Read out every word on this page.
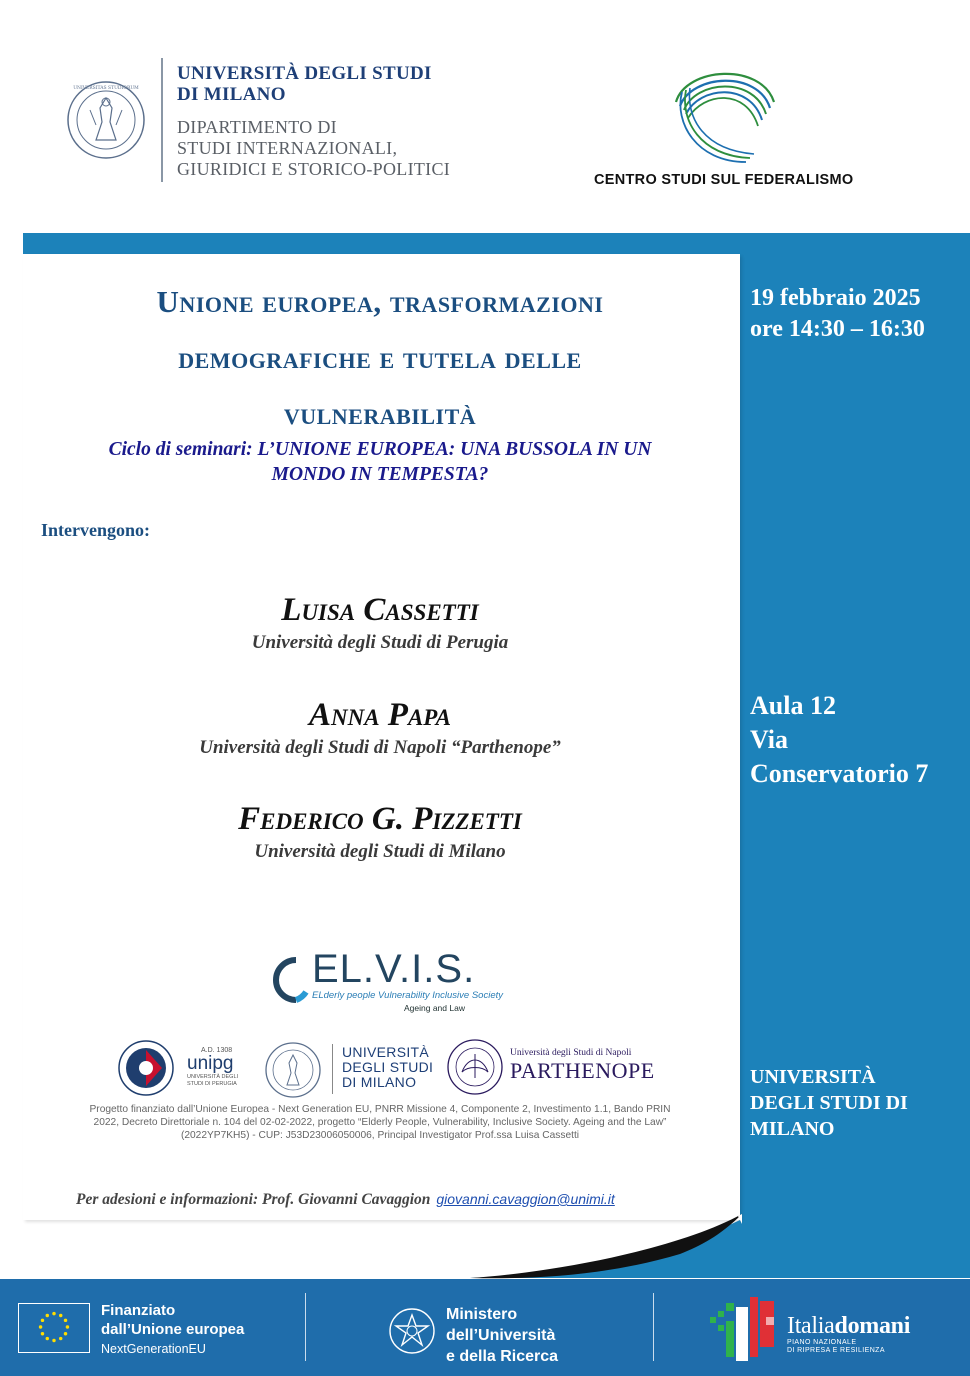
UNIVERSITAS STUDIORUM
UNIVERSITÀ DEGLI STUDI
DI MILANO
DIPARTIMENTO DI
STUDI INTERNAZIONALI,
GIURIDICI E STORICO-POLITICI
CENTRO STUDI SUL FEDERALISMO
19 febbraio 2025
ore 14:30 – 16:30
Aula 12
Via
Conservatorio 7
UNIVERSITÀ
DEGLI STUDI DI
MILANO
Unione europea, trasformazioni
demografiche e tutela delle
vulnerabilità
Ciclo di seminari: L’UNIONE EUROPEA: UNA BUSSOLA IN UN
MONDO IN TEMPESTA?
Intervengono:
Luisa Cassetti
Università degli Studi di Perugia
Anna Papa
Università degli Studi di Napoli “Parthenope”
Federico G. Pizzetti
Università degli Studi di Milano
EL.V.I.S.
ELderly people Vulnerability Inclusive Society
Ageing and Law
A.D. 1308
unipg
UNIVERSITÀ DEGLI STUDI DI PERUGIA
UNIVERSITÀ
DEGLI STUDI
DI MILANO
Università degli Studi di Napoli
PARTHENOPE
Progetto finanziato dall’Unione Europea - Next Generation EU, PNRR Missione 4, Componente 2, Investimento 1.1, Bando PRIN
2022, Decreto Direttoriale n. 104 del 02-02-2022, progetto “Elderly People, Vulnerability, Inclusive Society. Ageing and the Law”
(2022YP7KH5) - CUP: J53D23006050006, Principal Investigator Prof.ssa Luisa Cassetti
Per adesioni e informazioni: Prof. Giovanni Cavaggion giovanni.cavaggion@unimi.it
Finanziato
dall’Unione europea
NextGenerationEU
Ministero
dell’Università
e della Ricerca
Italiadomani
PIANO NAZIONALE
DI RIPRESA E RESILIENZA
